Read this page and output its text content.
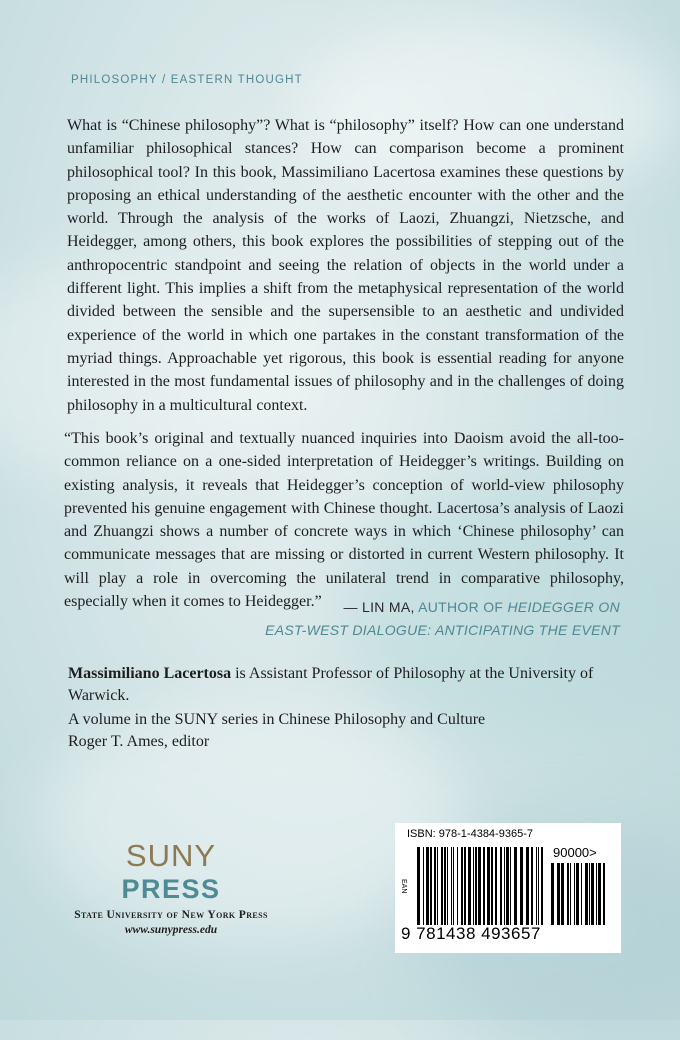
PHILOSOPHY / EASTERN THOUGHT

What is “Chinese philosophy”? What is “philosophy” itself? How can one understand unfamiliar philosophical stances? How can comparison become a prominent philosophical tool? In this book, Massimiliano Lacertosa examines these questions by proposing an ethical understanding of the aesthetic encounter with the other and the world. Through the analysis of the works of Laozi, Zhuangzi, Nietzsche, and Heidegger, among others, this book explores the possibilities of stepping out of the anthropocentric standpoint and seeing the relation of objects in the world under a different light. This implies a shift from the metaphysical representation of the world divided between the sensible and the supersensible to an aesthetic and undivided experience of the world in which one partakes in the constant transformation of the myriad things. Approachable yet rigorous, this book is essential reading for anyone interested in the most fundamental issues of philosophy and in the challenges of doing philosophy in a multicultural context.

“This book’s original and textually nuanced inquiries into Daoism avoid the all-too-common reliance on a one-sided interpretation of Heidegger’s writings. Building on existing analysis, it reveals that Heidegger’s conception of world-view philosophy prevented his genuine engagement with Chinese thought. Lacertosa’s analysis of Laozi and Zhuangzi shows a number of concrete ways in which ‘Chinese philosophy’ can communicate messages that are missing or distorted in current Western philosophy. It will play a role in overcoming the unilateral trend in comparative philosophy, especially when it comes to Heidegger.”	— LIN MA, AUTHOR OF HEIDEGGER ON
EAST-WEST DIALOGUE: ANTICIPATING THE EVENT

Massimiliano Lacertosa is Assistant Professor of Philosophy at the University of Warwick.

A volume in the SUNY series in Chinese Philosophy and Culture
Roger T. Ames, editor

SUNY
PRESS
State University of New York Press
www.sunypress.edu
ISBN: 978-1-4384-9365-7
EAN
90000>
9 781438 493657
